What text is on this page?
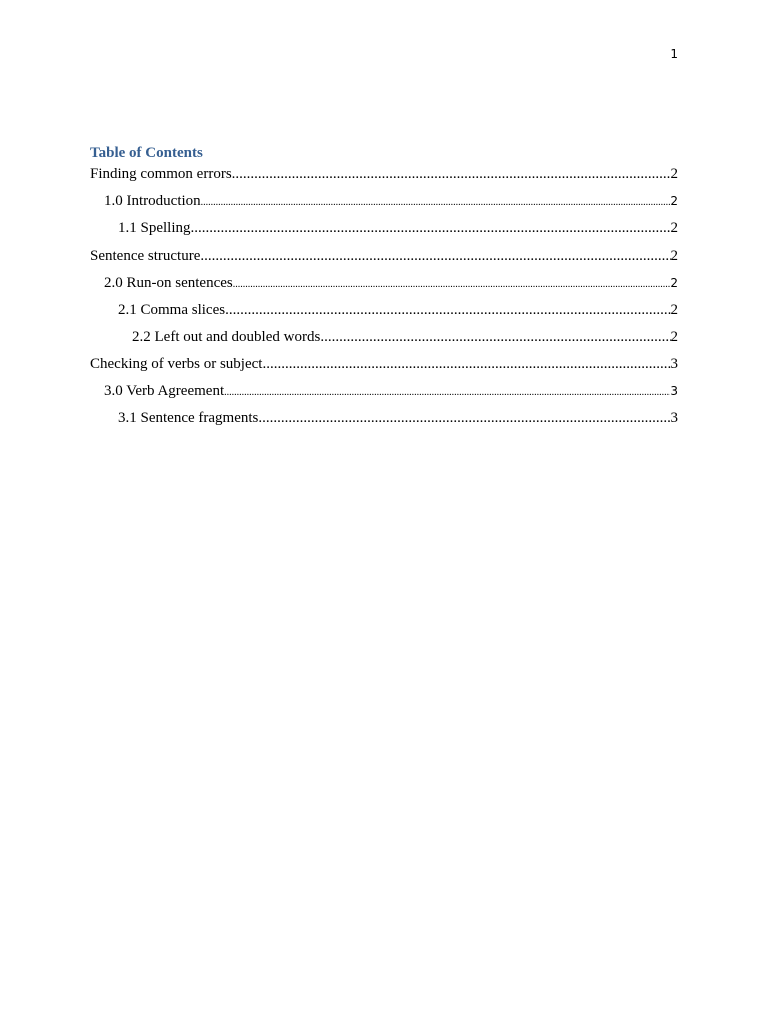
1
Table of Contents
Finding common errors .....	2
1.0 Introduction .....	2
1.1 Spelling .....	2
Sentence structure .....	2
2.0 Run-on sentences .....	2
2.1 Comma slices .....	2
2.2 Left out and doubled words .....	2
Checking of verbs or subject .....	3
3.0 Verb Agreement .....	3
3.1 Sentence fragments .....	3
